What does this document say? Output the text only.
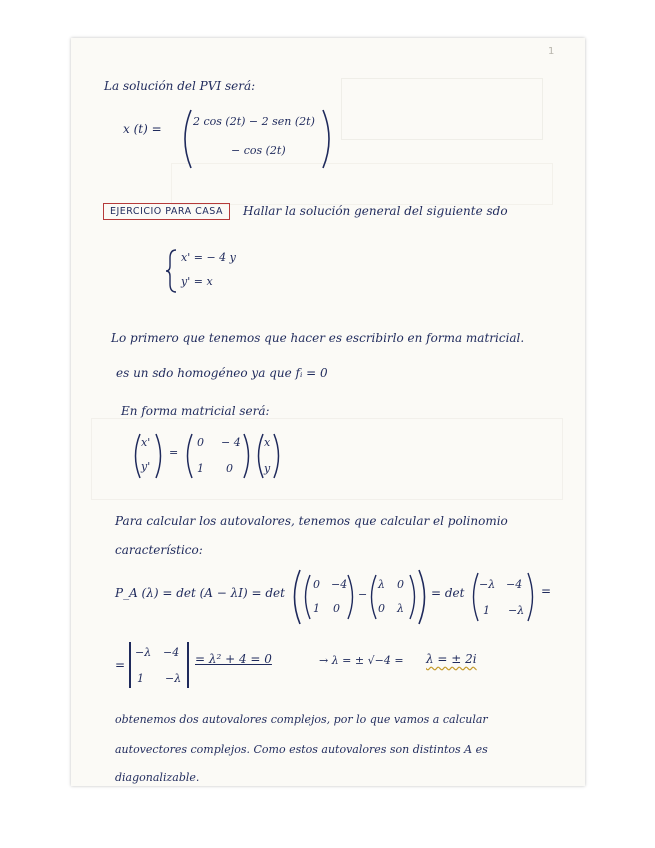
1
La solución del PVI será:
x (t) =
2 cos (2t) − 2 sen (2t)
− cos (2t)
EJERCICIO PARA CASA	Hallar la solución general del siguiente sdo
x' = − 4 y
y' = x
Lo primero que tenemos que hacer es escribirlo en forma matricial.
es un sdo homogéneo ya que fᵢ = 0
En forma matricial será:
x'
y'
=
0 − 4
1 0
x
y
Para calcular los autovalores, tenemos que calcular el polinomio
característico:
P_A (λ) = det (A − λI) = det
0 −4
1 0
−
λ 0
0 λ
= det
−λ −4
1 −λ
=
=
−λ −4
1 −λ
= λ² + 4 = 0	→ λ = ± √−4 = λ = ± 2i
obtenemos dos autovalores complejos, por lo que vamos a calcular
autovectores complejos. Como estos autovalores son distintos A es
diagonalizable.
